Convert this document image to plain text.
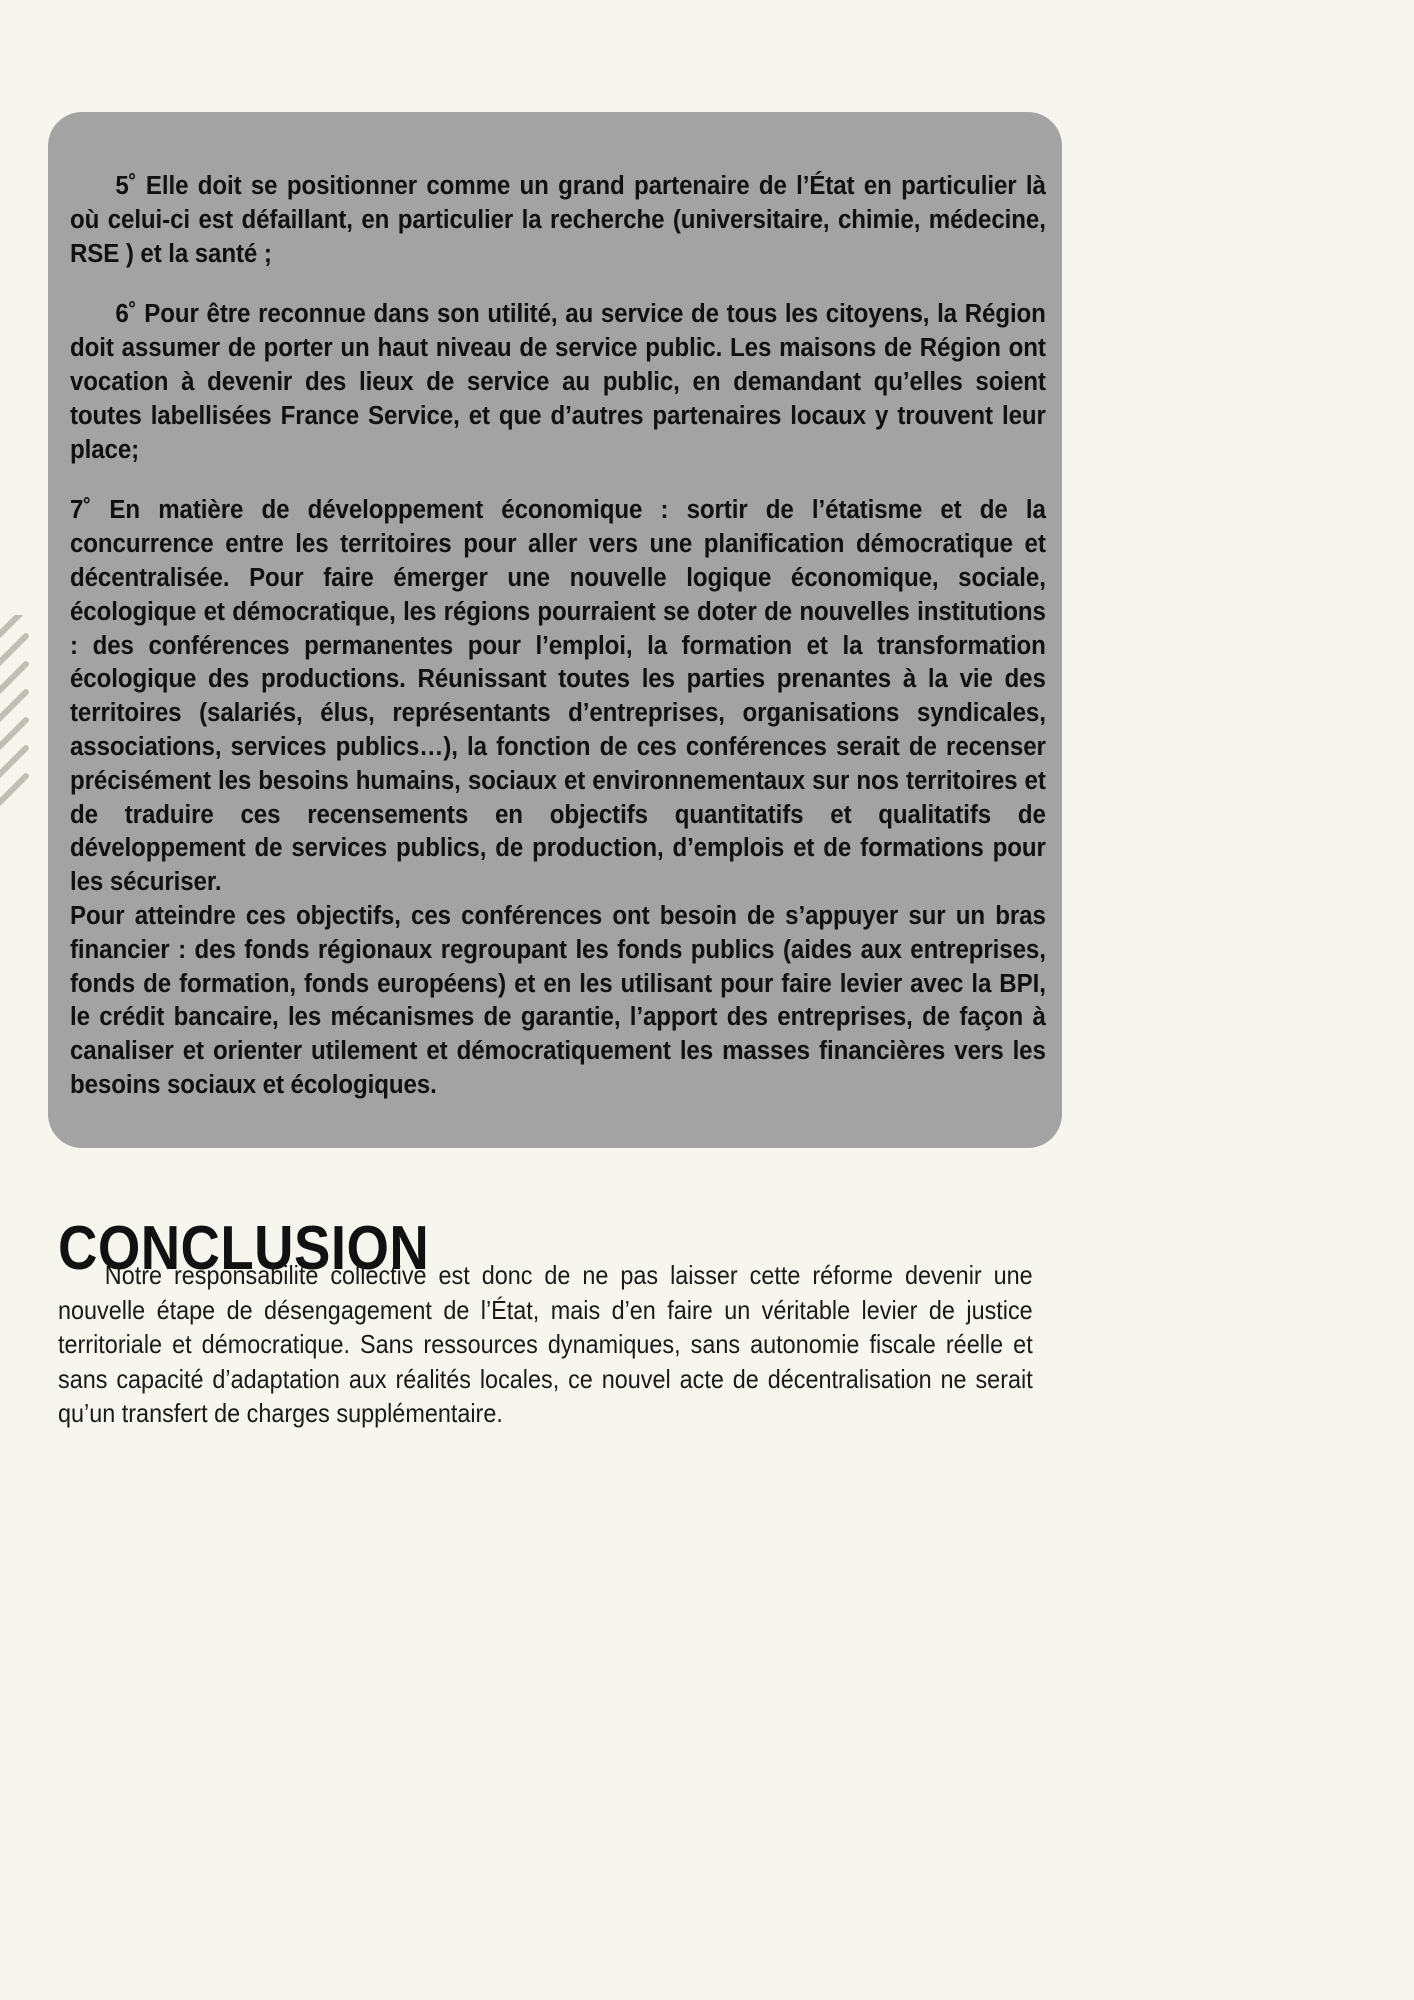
5˚ Elle doit se positionner comme un grand partenaire de l’État en particulier là où celui-ci est défaillant, en particulier la recherche (universitaire, chimie, médecine, RSE ) et la santé ;

6˚ Pour être reconnue dans son utilité, au service de tous les citoyens, la Région doit assumer de porter un haut niveau de service public. Les maisons de Région ont vocation à devenir des lieux de service au public, en demandant qu’elles soient toutes labellisées France Service, et que d’autres partenaires locaux y trouvent leur place;

7˚ En matière de développement économique : sortir de l’étatisme et de la concurrence entre les territoires pour aller vers une planification démocratique et décentralisée. Pour faire émerger une nouvelle logique économique, sociale, écologique et démocratique, les régions pourraient se doter de nouvelles institutions : des conférences permanentes pour l’emploi, la formation et la transformation écologique des productions. Réunissant toutes les parties prenantes à la vie des territoires (salariés, élus, représentants d’entreprises, organisations syndicales, associations, services publics…), la fonction de ces conférences serait de recenser précisément les besoins humains, sociaux et environnementaux sur nos territoires et de traduire ces recensements en objectifs quantitatifs et qualitatifs de développement de services publics, de production, d’emplois et de formations pour les sécuriser.

Pour atteindre ces objectifs, ces conférences ont besoin de s’appuyer sur un bras financier : des fonds régionaux regroupant les fonds publics (aides aux entreprises, fonds de formation, fonds européens) et en les utilisant pour faire levier avec la BPI, le crédit bancaire, les mécanismes de garantie, l’apport des entreprises, de façon à canaliser et orienter utilement et démocratiquement les masses financières vers les besoins sociaux et écologiques.

CONCLUSION
Notre responsabilité collective est donc de ne pas laisser cette réforme devenir une nouvelle étape de désengagement de l’État, mais d’en faire un véritable levier de justice territoriale et démocratique. Sans ressources dynamiques, sans autonomie fiscale réelle et sans capacité d’adaptation aux réalités locales, ce nouvel acte de décentralisation ne serait qu’un transfert de charges supplémentaire.
